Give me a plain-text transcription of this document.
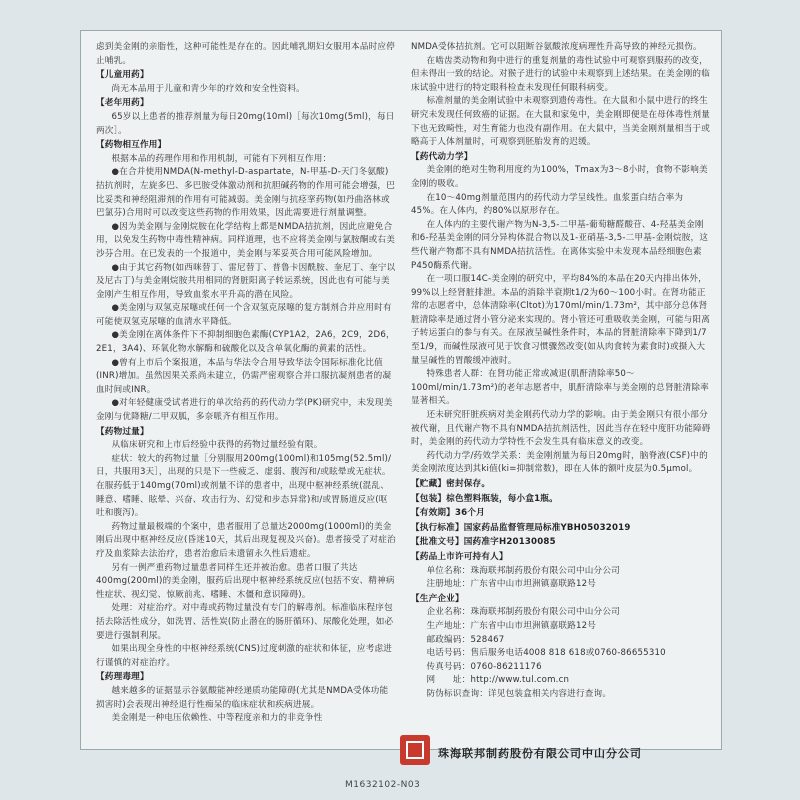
虑到美金刚的亲脂性，这种可能性是存在的。因此哺乳期妇女服用本品时应停止哺乳。
【儿童用药】
尚无本品用于儿童和青少年的疗效和安全性资料。
【老年用药】
65岁以上患者的推荐剂量为每日20mg(10ml)［每次10mg(5ml)，每日两次］。
【药物相互作用】
根据本品的药理作用和作用机制，可能有下列相互作用：
●在合并使用NMDA(N-methyl-D-aspartate，N-甲基-D-天门冬氨酸)拮抗剂时，左旋多巴、多巴胺受体激动剂和抗胆碱药物的作用可能会增强，巴比妥类和神经阻滞剂的作用有可能减弱。美金刚与抗痉挛药物(如丹曲洛林或巴氯芬)合用时可以改变这些药物的作用效果，因此需要进行剂量调整。
●因为美金刚与金刚烷胺在化学结构上都是NMDA拮抗剂，因此应避免合用，以免发生药物中毒性精神病。同样道理，也不应将美金刚与氯胺酮或右美沙芬合用。在已发表的一个报道中，美金刚与苯妥英合用可能风险增加。
●由于其它药物(如西咪替丁、雷尼替丁、普鲁卡因酰胺、奎尼丁、奎宁以及尼古丁)与美金刚烷胺共用相同的肾脏阳离子转运系统，因此也有可能与美金刚产生相互作用，导致血浆水平升高的潜在风险。
●美金刚与双氢克尿噻或任何一个含双氢克尿噻的复方制剂合并应用时有可能使双氢克尿噻的血清水平降低。
●美金刚在离体条件下不抑制细胞色素酶(CYP1A2，2A6，2C9，2D6，2E1，3A4)、环氧化物水解酶和硫酸化以及含单氧化酶的黄素的活性。
●曾有上市后个案报道，本品与华法令合用导致华法令国际标准化比值(INR)增加。虽然因果关系尚未建立，仍需严密观察合并口服抗凝剂患者的凝血时间或INR。
●对年轻健康受试者进行的单次给药的药代动力学(PK)研究中，未发现美金刚与优降糖/二甲双胍，多奈哌齐有相互作用。
【药物过量】
从临床研究和上市后经验中获得的药物过量经验有限。
症状：较大的药物过量［分别服用200mg(100ml)和105mg(52.5ml)/日，共服用3天］，出现的只是下一些疲乏、虚弱、腹泻和/或眩晕或无症状。在服药低于140mg(70ml)或剂量不详的患者中，出现中枢神经系统(混乱、睡意、嗜睡、眩晕、兴奋、攻击行为、幻觉和步态异常)和/或胃肠道反应(呕吐和腹泻)。
药物过量最极端的个案中，患者服用了总量达2000mg(1000ml)的美金刚后出现中枢神经反应(昏迷10天，其后出现复视及兴奋)。患者接受了对症治疗及血浆除去法治疗，患者治愈后未遗留永久性后遗症。
另有一例严重药物过量患者同样生还并被治愈。患者口服了共达400mg(200ml)的美金刚，服药后出现中枢神经系统反应(包括不安、精神病性症状、视幻觉、惊厥前兆、嗜睡、木僵和意识障碍)。
处理：对症治疗。对中毒或药物过量没有专门的解毒剂。标准临床程序包括去除活性成分，如洗胃、活性炭(防止潜在的肠肝循环)、尿酸化处理，如必要进行强制利尿。
如果出现全身性的中枢神经系统(CNS)过度刺激的症状和体征，应考虑进行谨慎的对症治疗。
【药理毒理】
越来越多的证据显示谷氨酸能神经递质功能障碍(尤其是NMDA受体功能损害时)会表现出神经退行性痴呆的临床症状和疾病进展。
美金刚是一种电压依赖性、中等程度亲和力的非竞争性
NMDA受体拮抗剂。它可以阻断谷氨酸浓度病理性升高导致的神经元损伤。
在啮齿类动物和狗中进行的重复剂量的毒性试验中可观察到服药的改变，但未得出一致的结论。对猴子进行的试验中未观察到上述结果。在美金刚的临床试验中进行的特定眼科检查未发现任何眼科病变。
标准剂量的美金刚试验中未观察到遗传毒性。在大鼠和小鼠中进行的终生研究未发现任何致癌的证据。在大鼠和家兔中，美金刚即便是在母体毒性剂量下也无致畸性，对生育能力也没有副作用。在大鼠中，当美金刚剂量相当于或略高于人体剂量时，可观察到胚胎发育的迟缓。
【药代动力学】
美金刚的绝对生物利用度约为100%，Tmax为3～8小时，食物不影响美金刚的吸收。
在10～40mg剂量范围内的药代动力学呈线性。血浆蛋白结合率为45%。在人体内，约80%以原形存在。
在人体内的主要代谢产物为N-3,5-二甲基-葡萄糖醛酸苷、4-羟基美金刚和6-羟基美金刚的同分异构体混合物以及1-亚硝基-3,5-二甲基-金刚烷胺，这些代谢产物都不具有NMDA拮抗活性。在离体实验中未发现本品经细胞色素P450酶系代谢。
在一项口服14C-美金刚的研究中，平均84%的本品在20天内排出体外，99%以上经肾脏排泄。本品的消除半衰期t1/2为60～100小时。在肾功能正常的志愿者中，总体清除率(Cltot)为170ml/min/1.73m²，其中部分总体肾脏清除率是通过肾小管分泌来实现的。肾小管还可重吸收美金刚，可能与阳离子转运蛋白的参与有关。在尿液呈碱性条件时，本品的肾脏清除率下降到1/7至1/9，而碱性尿液可见于饮食习惯骤然改变(如从肉食转为素食时)或摄入大量呈碱性的胃酸缓冲液时。
特殊患者人群：在肾功能正常或减退(肌酐清除率50～100ml/min/1.73m²)的老年志愿者中，肌酐清除率与美金刚的总肾脏清除率显著相关。
还未研究肝脏疾病对美金刚药代动力学的影响。由于美金刚只有很小部分被代谢，且代谢产物不具有NMDA拮抗剂活性，因此当存在轻中度肝功能障碍时，美金刚的药代动力学特性不会发生具有临床意义的改变。
药代动力学/药效学关系：美金刚剂量为每日20mg时，脑脊液(CSF)中的美金刚浓度达到其ki值(ki=抑制常数)，即在人体的额叶皮层为0.5μmol。
【贮藏】密封保存。
【包装】棕色塑料瓶装，每小盒1瓶。
【有效期】36个月
【执行标准】国家药品监督管理局标准YBH05032019
【批准文号】国药准字H20130085
【药品上市许可持有人】
单位名称：珠海联邦制药股份有限公司中山分公司
注册地址：广东省中山市坦洲镇嘉联路12号
【生产企业】
企业名称：珠海联邦制药股份有限公司中山分公司
生产地址：广东省中山市坦洲镇嘉联路12号
邮政编码：528467
电话号码：售后服务电话4008 818 618或0760-86655310
传真号码：0760-86211176
网　　址：http://www.tul.com.cn
防伪标识查询：详见包装盒相关内容进行查询。
珠海联邦制药股份有限公司中山分公司
M1632102-N03
